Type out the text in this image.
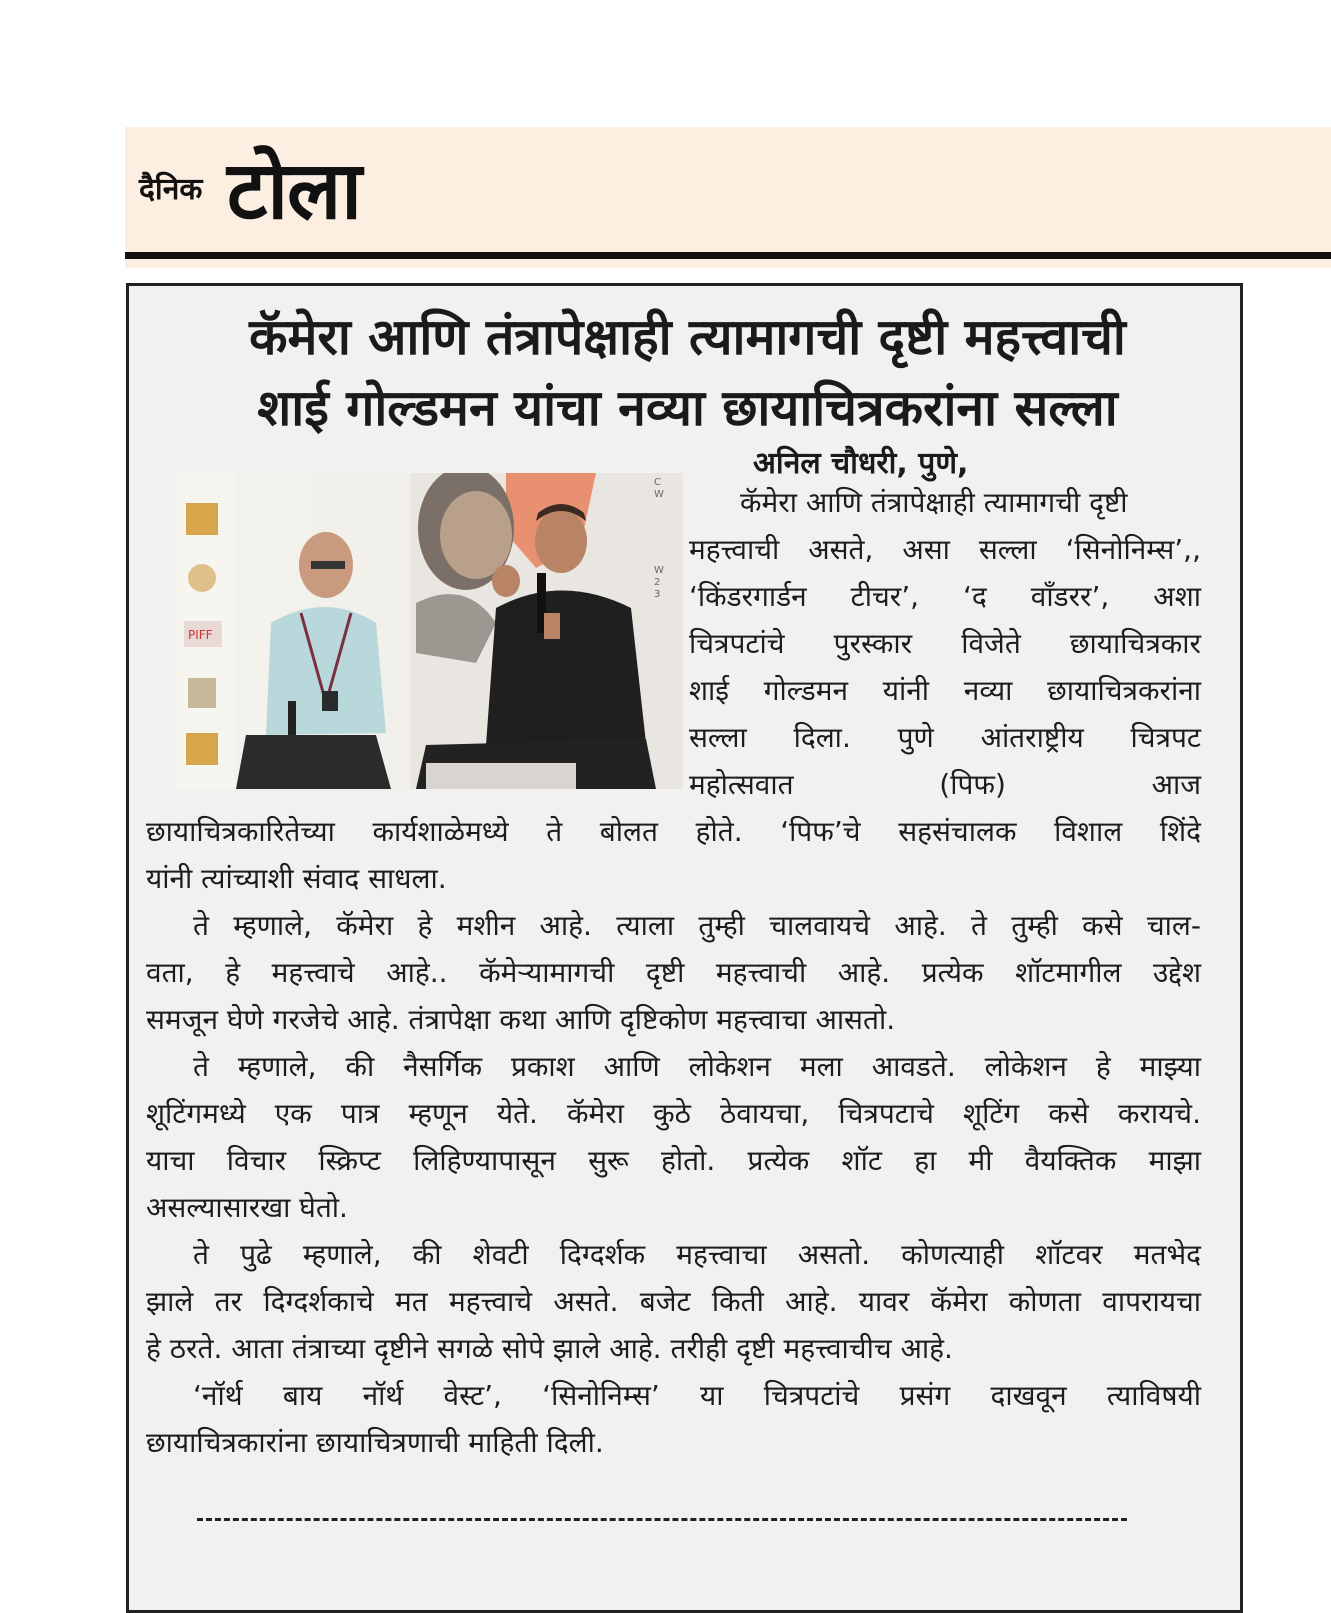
दैनिक टोला
कॅमेरा आणि तंत्रापेक्षाही त्यामागची दृष्टी महत्त्वाची
शाई गोल्डमन यांचा नव्या छायाचित्रकरांना सल्ला
अनिल चौधरी, पुणे,
PIFF
C
W
W
2
3
कॅमेरा आणि तंत्रापेक्षाही त्यामागची दृष्टी
महत्त्वाची असते, असा सल्ला ‘सिनोनिम्स’,,
‘किंडरगार्डन टीचर’, ‘द वाँडरर’, अशा
चित्रपटांचे पुरस्कार विजेते छायाचित्रकार
शाई गोल्डमन यांनी नव्या छायाचित्रकरांना
सल्ला दिला. पुणे आंतराष्ट्रीय चित्रपट
महोत्सवात (पिफ) आज
छायाचित्रकारितेच्या कार्यशाळेमध्ये ते बोलत होते. ‘पिफ’चे सहसंचालक विशाल शिंदे
यांनी त्यांच्याशी संवाद साधला.
ते म्हणाले, कॅमेरा हे मशीन आहे. त्याला तुम्ही चालवायचे आहे. ते तुम्ही कसे चाल-
वता, हे महत्त्वाचे आहे.. कॅमेऱ्यामागची दृष्टी महत्त्वाची आहे. प्रत्येक शॉटमागील उद्देश
समजून घेणे गरजेचे आहे. तंत्रापेक्षा कथा आणि दृष्टिकोण महत्त्वाचा आसतो.
ते म्हणाले, की नैसर्गिक प्रकाश आणि लोकेशन मला आवडते. लोकेशन हे माझ्या
शूटिंगमध्ये एक पात्र म्हणून येते. कॅमेरा कुठे ठेवायचा, चित्रपटाचे शूटिंग कसे करायचे.
याचा विचार स्क्रिप्ट लिहिण्यापासून सुरू होतो. प्रत्येक शॉट हा मी वैयक्तिक माझा
असल्यासारखा घेतो.
ते पुढे म्हणाले, की शेवटी दिग्दर्शक महत्त्वाचा असतो. कोणत्याही शॉटवर मतभेद
झाले तर दिग्दर्शकाचे मत महत्त्वाचे असते. बजेट किती आहे. यावर कॅमेरा कोणता वापरायचा
हे ठरते. आता तंत्राच्या दृष्टीने सगळे सोपे झाले आहे. तरीही दृष्टी महत्त्वाचीच आहे.
‘नॉर्थ बाय नॉर्थ वेस्ट’, ‘सिनोनिम्स’ या चित्रपटांचे प्रसंग दाखवून त्याविषयी
छायाचित्रकारांना छायाचित्रणाची माहिती दिली.
